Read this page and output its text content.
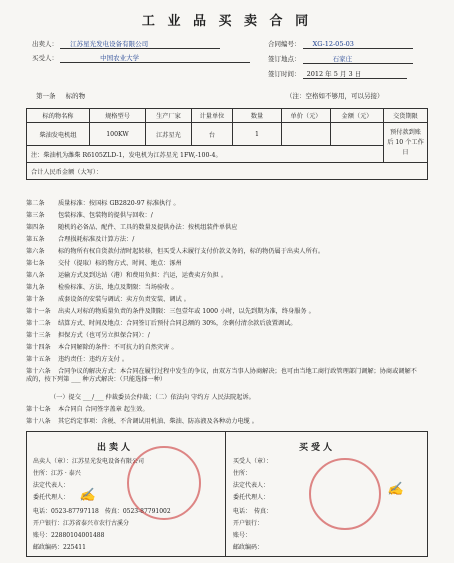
工 业 品 买 卖 合 同
出卖人： 江苏星光发电设备有限公司
买受人：	中国农业大学
合同编号： XG-12-05-03
签订地点：	石家庄
签订时间： 2012 年 5 月 3 日
第一条 标的物	（注：空格如不够用，可以另接）
标的物名称	规格型号	生产厂家	计量单位	数量	单价（元）	金额（元）	交货期限
柴油发电机组	100KW	江苏星光	台	1			预付款到账后 10 个工作日
注：柴油机为潍柴 R6105ZLD-1，发电机为江苏星光 1FW,-100-4。							
合计人民币金额（大写）：							
第二条 质量标准：按国标 GB2820-97 标准执行 。
第三条 包装标准、包装物的提供与回收：/
第四条 随机的必备品、配件、工具的数量及提供办法：按机组装件单供应
第五条 合理损耗标准及计算方法：/
第六条 标的物所有权自货款付清时起转移，但买受人未履行支付价款义务的，标的物仍属于出卖人所有。
第七条 交付（提取）标的物方式、时间、地点：涿州
第八条 运输方式及到达站（港）和费用负担：汽运，运费卖方负担 。
第九条 检验标准、方法、地点及期限：当场验收 。
第十条 成套设备的安装与调试：卖方负责安装、调试 。
第十一条 出卖人对标的物质量负责的条件及期限：三包壹年或 1000 小时，以先到期为准，终身服务 。
第十二条 结算方式、时间及地点：合同签订后预付合同总额的 30%，余剩付清余款后放置调试。
第十三条 担保方式（也可另立担保合同）：/
第十四条 本合同解除的条件：不可抗力的自然灾害 。
第十五条 违约责任：违约方支付 。
第十六条 合同争议的解决方式：本合同在履行过程中发生的争议，由双方当事人协商解决；也可由当地工商行政管理部门调解；协商或调解不成的，按下列第 ___ 种方式解决：（只能选择一种）
（一）提交 ___/___ 仲裁委员会仲裁；（二）依法向 守约方 人民法院起诉。
第十七条 本合同自 合同签字盖章 起生效。
第十八条 其它约定事项：含税、不含调试用机油、柴油、防冻液及各种动力电缆 。
出卖人	买受人
出卖人（章）：江苏星光发电设备有限公司
住所：江苏 · 泰兴
法定代表人：
委托代理人：
电话：0523-87797118　传真：0523-87791002
开户银行：江苏省泰兴市农行古溪分
账号：22880104001488
邮政编码：225411
买受人（章）：
住所：
法定代表人：
委托代理人：
电话：　传真：
开户银行：
账号：
邮政编码：
✍	✍
